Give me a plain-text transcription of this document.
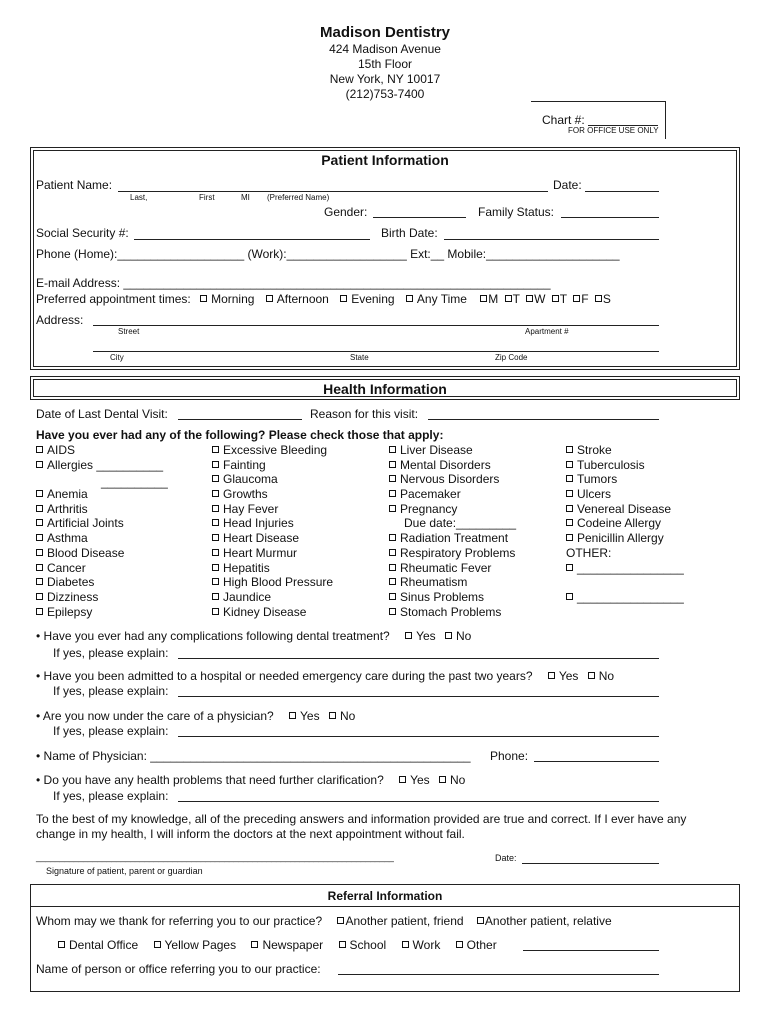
Madison Dentistry
424 Madison Avenue
15th Floor
New York, NY 10017
(212)753-7400
Chart #:
FOR OFFICE USE ONLY
Patient Information
Patient Name:	Date:
Last,	First	MI (Preferred Name)
Gender:	Family Status:
Social Security #:	Birth Date:
Phone (Home):___________________ (Work):__________________ Ext:__ Mobile:____________________
E-mail Address: ________________________________________________________________
Preferred appointment times: Morning Afternoon Evening Any Time M T W T F S
Address:
Street	Apartment #
City	State	Zip Code
Health Information
Date of Last Dental Visit:	Reason for this visit:
Have you ever had any of the following? Please check those that apply:
AIDS
Allergies __________
Anemia
Arthritis
Artificial Joints
Asthma
Blood Disease
Cancer
Diabetes
Dizziness
Epilepsy
__________
Excessive Bleeding
Fainting
Glaucoma
Growths
Hay Fever
Head Injuries
Heart Disease
Heart Murmur
Hepatitis
High Blood Pressure
Jaundice
Kidney Disease
Liver Disease
Mental Disorders
Nervous Disorders
Pacemaker
Pregnancy
Due date:_________
Radiation Treatment
Respiratory Problems
Rheumatic Fever
Rheumatism
Sinus Problems
Stomach Problems
Stroke
Tuberculosis
Tumors
Ulcers
Venereal Disease
Codeine Allergy
Penicillin Allergy
OTHER:
________________
________________
• Have you ever had any complications following dental treatment? Yes No
If yes, please explain:
• Have you been admitted to a hospital or needed emergency care during the past two years? Yes No
If yes, please explain:
• Are you now under the care of a physician? Yes No
If yes, please explain:
• Name of Physician: ________________________________________________ Phone:
• Do you have any health problems that need further clarification? Yes No
If yes, please explain:
To the best of my knowledge, all of the preceding answers and information provided are true and correct. If I ever have any
change in my health, I will inform the doctors at the next appointment without fail.
____________________________________________________________________________	Date:
Signature of patient, parent or guardian
Referral Information
Whom may we thank for referring you to our practice? Another patient, friend Another patient, relative
Dental Office Yellow Pages Newspaper School Work Other
Name of person or office referring you to our practice:
